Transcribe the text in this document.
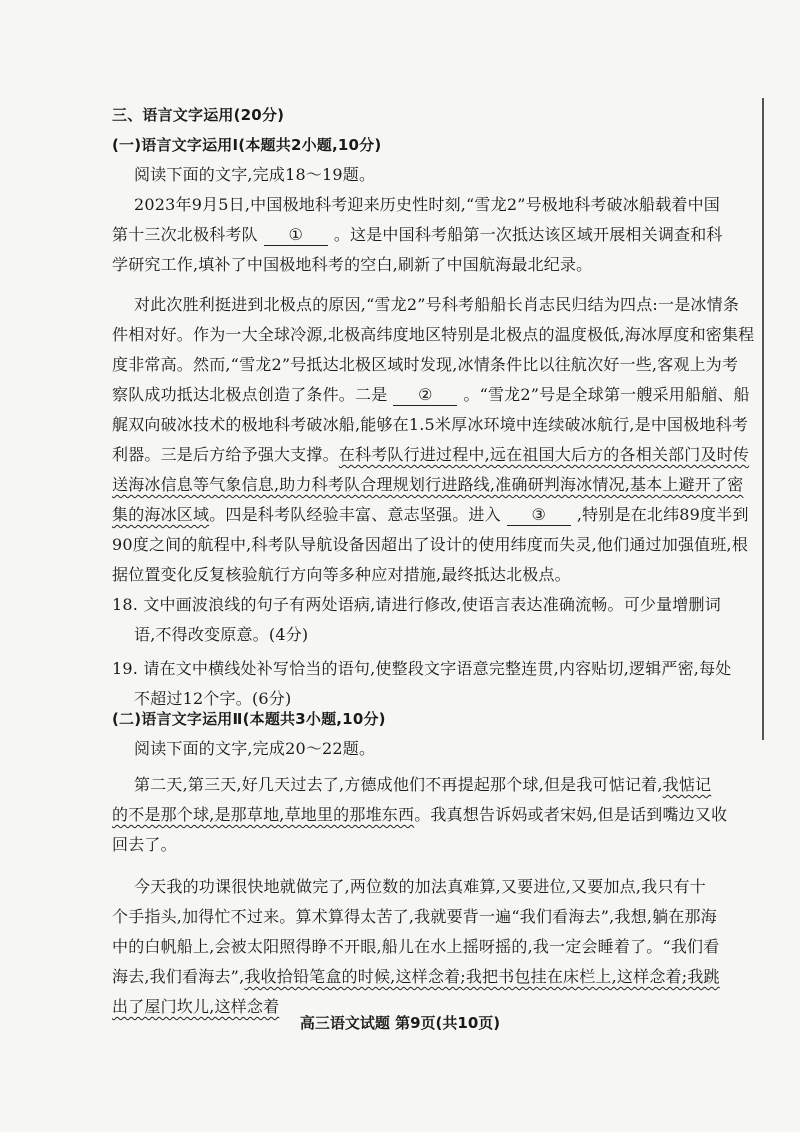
三、语言文字运用(20分)
(一)语言文字运用Ⅰ(本题共2小题,10分)
阅读下面的文字,完成18～19题。
2023年9月5日,中国极地科考迎来历史性时刻,“雪龙2”号极地科考破冰船载着中国
第十三次北极科考队 ① 。这是中国科考船第一次抵达该区域开展相关调查和科
学研究工作,填补了中国极地科考的空白,刷新了中国航海最北纪录。
对此次胜利挺进到北极点的原因,“雪龙2”号科考船船长肖志民归结为四点:一是冰情条
件相对好。作为一大全球冷源,北极高纬度地区特别是北极点的温度极低,海冰厚度和密集程
度非常高。然而,“雪龙2”号抵达北极区域时发现,冰情条件比以往航次好一些,客观上为考
察队成功抵达北极点创造了条件。二是 ② 。“雪龙2”号是全球第一艘采用船艏、船
艉双向破冰技术的极地科考破冰船,能够在1.5米厚冰环境中连续破冰航行,是中国极地科考
利器。三是后方给予强大支撑。在科考队行进过程中,远在祖国大后方的各相关部门及时传
送海冰信息等气象信息,助力科考队合理规划行进路线,准确研判海冰情况,基本上避开了密
集的海冰区域。四是科考队经验丰富、意志坚强。进入 ③ ,特别是在北纬89度半到
90度之间的航程中,科考队导航设备因超出了设计的使用纬度而失灵,他们通过加强值班,根
据位置变化反复核验航行方向等多种应对措施,最终抵达北极点。
18. 文中画波浪线的句子有两处语病,请进行修改,使语言表达准确流畅。可少量增删词
语,不得改变原意。(4分)
19. 请在文中横线处补写恰当的语句,使整段文字语意完整连贯,内容贴切,逻辑严密,每处
不超过12个字。(6分)
(二)语言文字运用Ⅱ(本题共3小题,10分)
阅读下面的文字,完成20～22题。
第二天,第三天,好几天过去了,方德成他们不再提起那个球,但是我可惦记着,我惦记
的不是那个球,是那草地,草地里的那堆东西。我真想告诉妈或者宋妈,但是话到嘴边又收
回去了。
今天我的功课很快地就做完了,两位数的加法真难算,又要进位,又要加点,我只有十
个手指头,加得忙不过来。算术算得太苦了,我就要背一遍“我们看海去”,我想,躺在那海
中的白帆船上,会被太阳照得睁不开眼,船儿在水上摇呀摇的,我一定会睡着了。“我们看
海去,我们看海去”,我收拾铅笔盒的时候,这样念着;我把书包挂在床栏上,这样念着;我跳
出了屋门坎儿,这样念着
高三语文试题 第9页(共10页)
